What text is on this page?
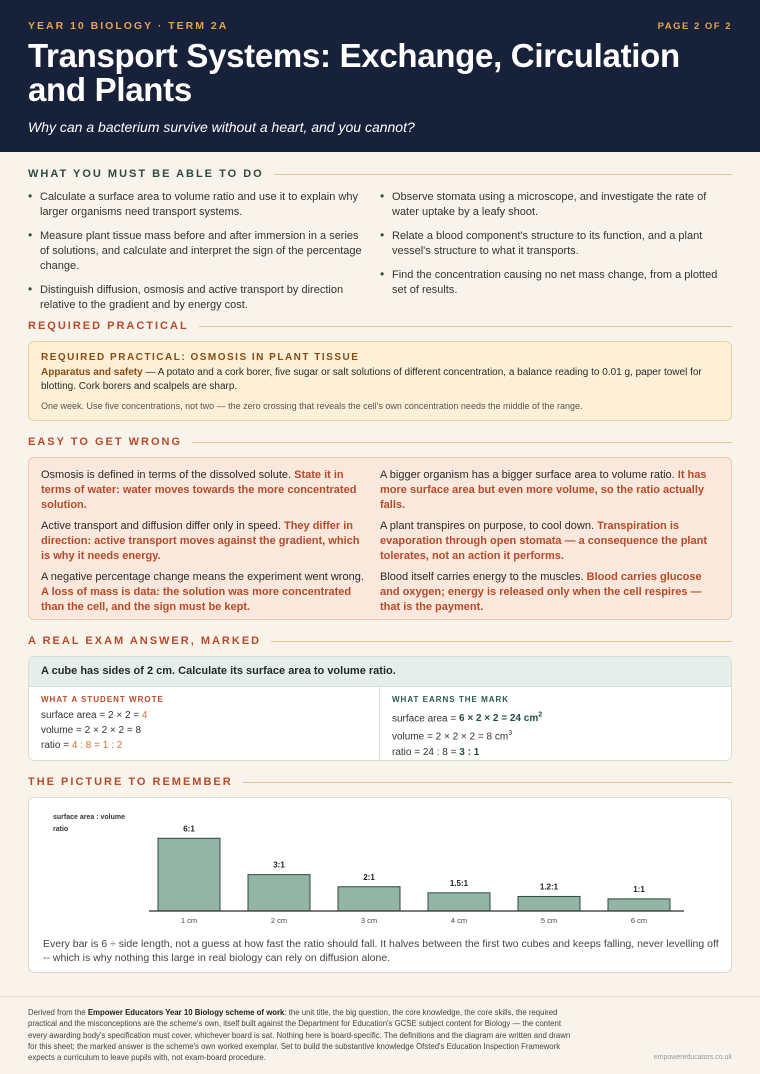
YEAR 10 BIOLOGY · TERM 2A	PAGE 2 OF 2
Transport Systems: Exchange, Circulation and Plants
Why can a bacterium survive without a heart, and you cannot?
WHAT YOU MUST BE ABLE TO DO
• Calculate a surface area to volume ratio and use it to explain why larger organisms need transport systems.
• Measure plant tissue mass before and after immersion in a series of solutions, and calculate and interpret the sign of the percentage change.
• Distinguish diffusion, osmosis and active transport by direction relative to the gradient and by energy cost.
• Observe stomata using a microscope, and investigate the rate of water uptake by a leafy shoot.
• Relate a blood component's structure to its function, and a plant vessel's structure to what it transports.
• Find the concentration causing no net mass change, from a plotted set of results.
REQUIRED PRACTICAL
REQUIRED PRACTICAL: OSMOSIS IN PLANT TISSUE
Apparatus and safety — A potato and a cork borer, five sugar or salt solutions of different concentration, a balance reading to 0.01 g, paper towel for blotting. Cork borers and scalpels are sharp.
One week. Use five concentrations, not two — the zero crossing that reveals the cell's own concentration needs the middle of the range.
EASY TO GET WRONG

Osmosis is defined in terms of the dissolved solute. State it in terms of water: water moves towards the more concentrated solution.

Active transport and diffusion differ only in speed. They differ in direction: active transport moves against the gradient, which is why it needs energy.

A negative percentage change means the experiment went wrong. A loss of mass is data: the solution was more concentrated than the cell, and the sign must be kept.

A bigger organism has a bigger surface area to volume ratio. It has more surface area but even more volume, so the ratio actually falls.

A plant transpires on purpose, to cool down. Transpiration is evaporation through open stomata — a consequence the plant tolerates, not an action it performs.

Blood itself carries energy to the muscles. Blood carries glucose and oxygen; energy is released only when the cell respires — that is the payment.

A REAL EXAM ANSWER, MARKED
A cube has sides of 2 cm. Calculate its surface area to volume ratio.
WHAT A STUDENT WROTE
surface area = 2 × 2 = 4
volume = 2 × 2 × 2 = 8
ratio = 4 : 8 = 1 : 2
WHAT EARNS THE MARK
surface area = 6 × 2 × 2 = 24 $cm^2$
volume = 2 × 2 × 2 = 8 $cm^3$
ratio = 24 : 8 = 3 : 1
THE PICTURE TO REMEMBER
surface area : volume ratio	6:1
1 cm
3:1
2 cm
2:1
3 cm
1.5:1
4 cm
1.2:1
5 cm
1:1
6 cm
Every bar is 6 ÷ side length, not a guess at how fast the ratio should fall. It halves between the first two cubes and keeps falling, never levelling off -- which is why nothing this large in real biology can rely on diffusion alone.

Derived from the Empower Educators Year 10 Biology scheme of work: the unit title, the big question, the core knowledge, the core skills, the required practical and the misconceptions are the scheme's own, itself built against the Department for Education's GCSE subject content for Biology — the content every awarding body's specification must cover, whichever board is sat. Nothing here is board-specific. The definitions and the diagram are written and drawn for this sheet; the marked answer is the scheme's own worked exemplar. Set to build the substantive knowledge Ofsted's Education Inspection Framework expects a curriculum to leave pupils with, not exam-board procedure.	empowereducators.co.uk
